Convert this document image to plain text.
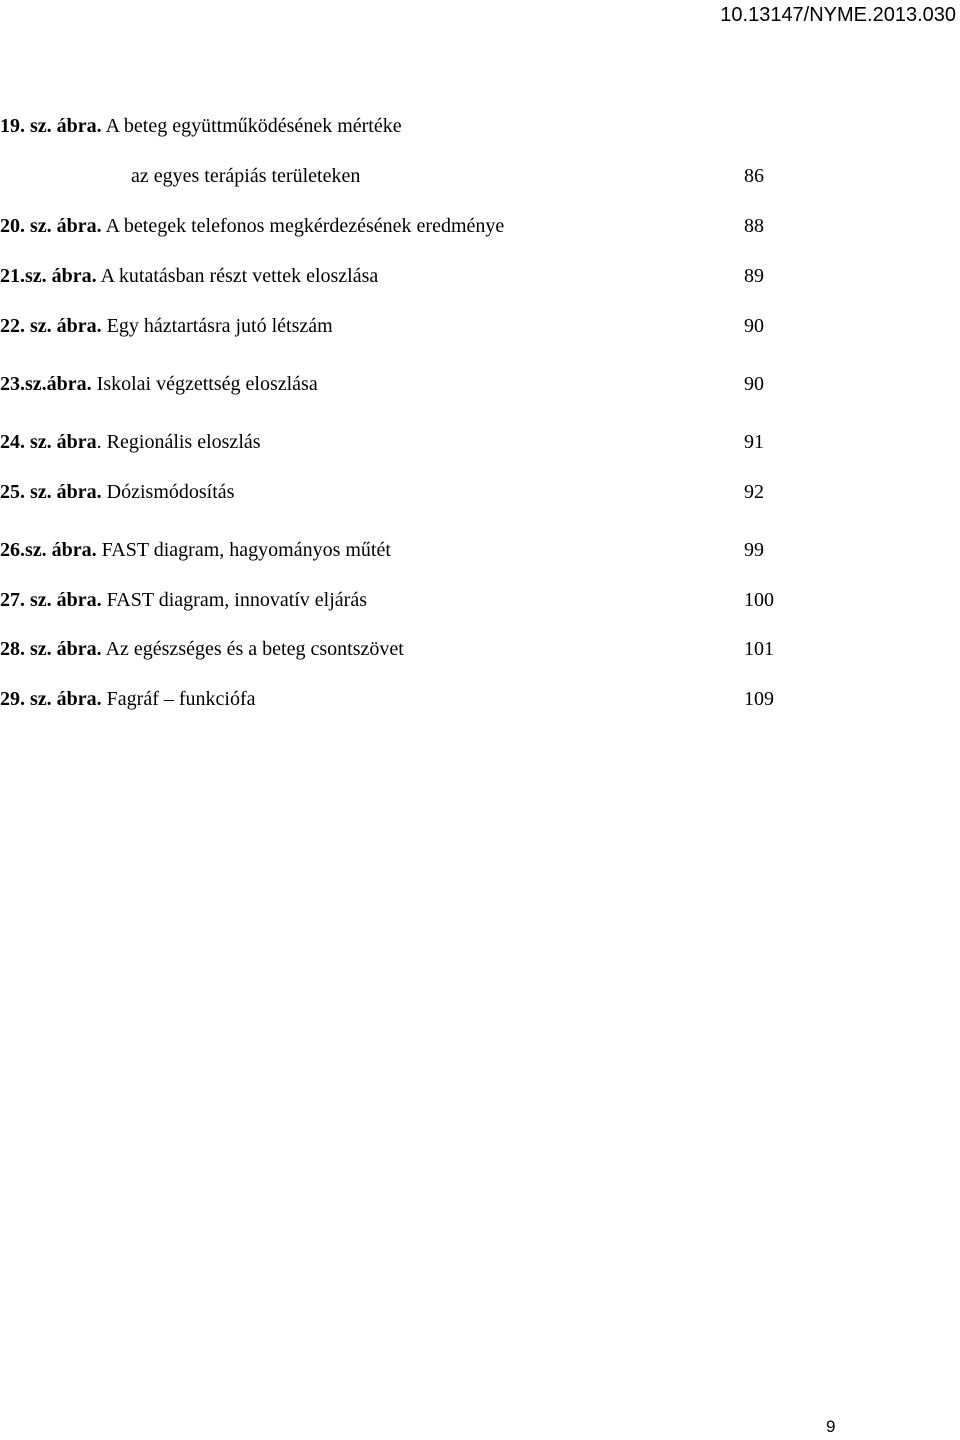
10.13147/NYME.2013.030
19. sz. ábra. A beteg együttműködésének mértéke
az egyes terápiás területeken	86
20. sz. ábra. A betegek telefonos megkérdezésének eredménye	88
21.sz. ábra. A kutatásban részt vettek eloszlása	89
22. sz. ábra. Egy háztartásra jutó létszám	90
23.sz.ábra. Iskolai végzettség eloszlása	90
24. sz. ábra. Regionális eloszlás	91
25. sz. ábra. Dózismódosítás	92
26.sz. ábra. FAST diagram, hagyományos műtét	99
27. sz. ábra. FAST diagram, innovatív eljárás	100
28. sz. ábra. Az egészséges és a beteg csontszövet	101
29. sz. ábra. Fagráf – funkciófa	109
9
